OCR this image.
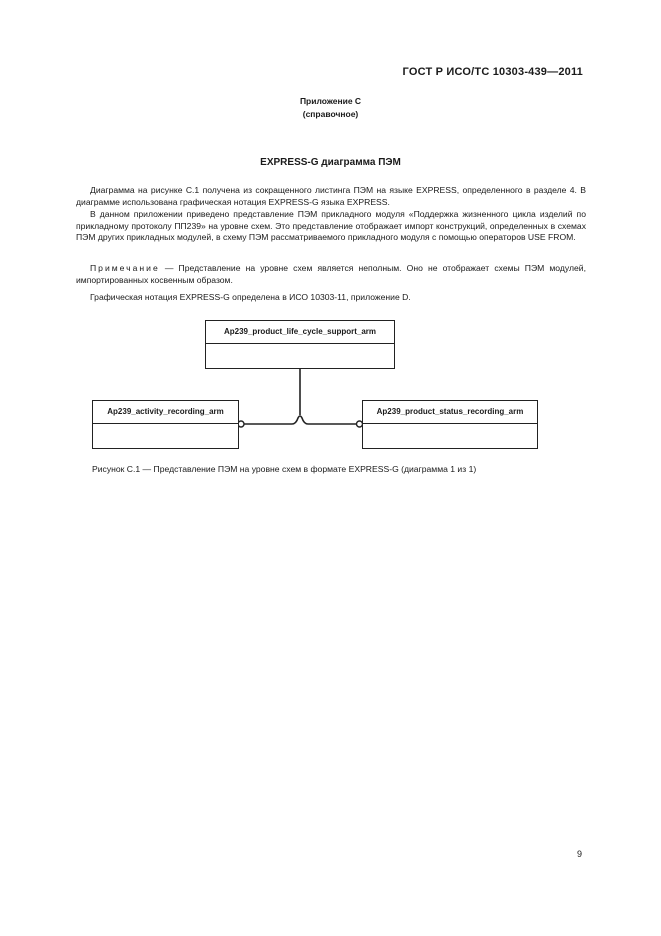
ГОСТ Р ИСО/ТС 10303-439—2011
Приложение С
(справочное)
EXPRESS-G диаграмма ПЭМ
Диаграмма на рисунке С.1 получена из сокращенного листинга ПЭМ на языке EXPRESS, определенного в разделе 4. В диаграмме использована графическая нотация EXPRESS-G языка EXPRESS.
В данном приложении приведено представление ПЭМ прикладного модуля «Поддержка жизненного цикла изделий по прикладному протоколу ПП239» на уровне схем. Это представление отображает импорт конструкций, определенных в схемах ПЭМ других прикладных модулей, в схему ПЭМ рассматриваемого прикладного модуля с помощью операторов USE FROM.
Примечание — Представление на уровне схем является неполным. Оно не отображает схемы ПЭМ модулей, импортированных косвенным образом.
Графическая нотация EXPRESS-G определена в ИСО 10303-11, приложение D.
Ap239_product_life_cycle_support_arm
Ap239_activity_recording_arm	Ap239_product_status_recording_arm
Рисунок С.1 — Представление ПЭМ на уровне схем в формате EXPRESS-G (диаграмма 1 из 1)
9
